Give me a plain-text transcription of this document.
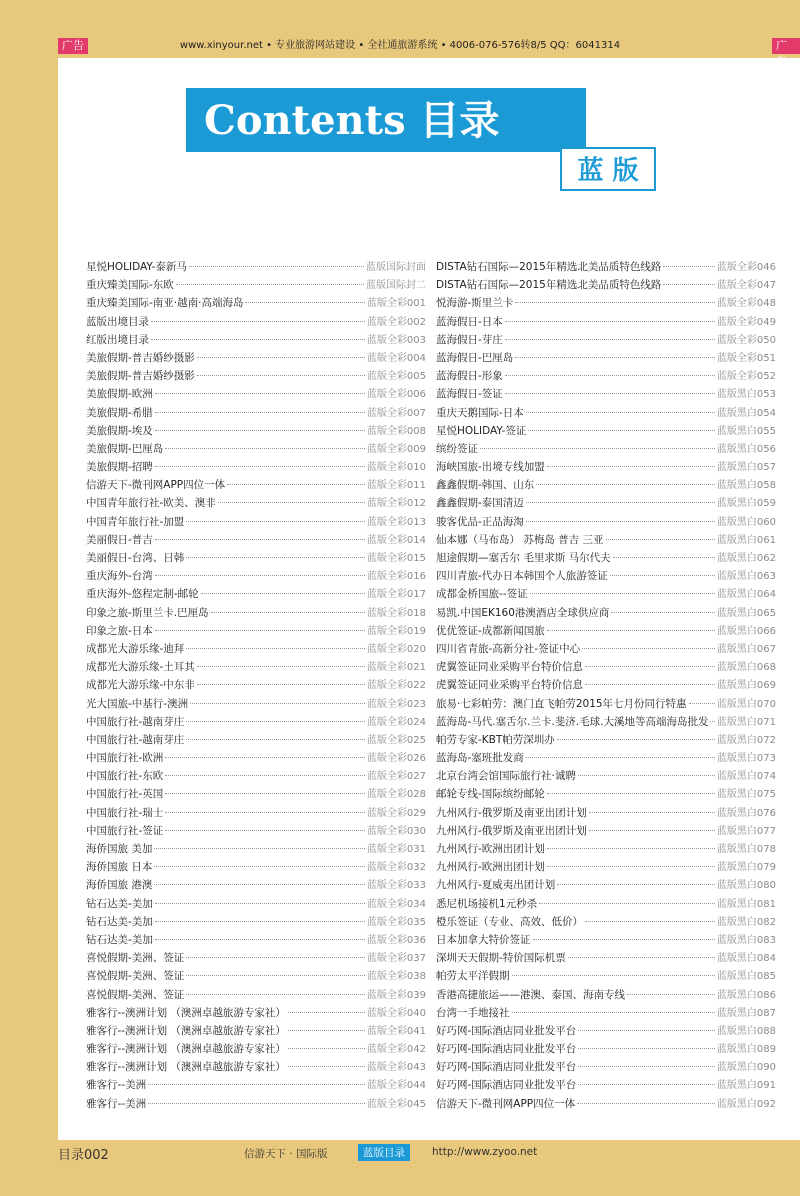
广告	www.xinyour.net • 专业旅游网站建设 • 全社通旅游系统 • 4006-076-576转8/5 QQ：6041314	广
Contents 目录
蓝 版
星悦HOLIDAY-泰新马	蓝版国际封面
重庆臻美国际-东欧	蓝版国际封二
重庆臻美国际-南亚·越南·高端海岛	蓝版全彩001
蓝版出境目录	蓝版全彩002
红版出境目录	蓝版全彩003
美旅假期-普吉婚纱摄影	蓝版全彩004
美旅假期-普吉婚纱摄影	蓝版全彩005
美旅假期-欧洲	蓝版全彩006
美旅假期-希腊	蓝版全彩007
美旅假期-埃及	蓝版全彩008
美旅假期-巴厘岛	蓝版全彩009
美旅假期-招聘	蓝版全彩010
信游天下-微刊网APP四位一体	蓝版全彩011
中国青年旅行社-欧美、澳非	蓝版全彩012
中国青年旅行社-加盟	蓝版全彩013
美丽假日-普吉	蓝版全彩014
美丽假日-台湾、日韩	蓝版全彩015
重庆海外-台湾	蓝版全彩016
重庆海外-悠程定制-邮轮	蓝版全彩017
印象之旅-斯里兰卡.巴厘岛	蓝版全彩018
印象之旅-日本	蓝版全彩019
成都光大游乐缘-迪拜	蓝版全彩020
成都光大游乐缘-土耳其	蓝版全彩021
成都光大游乐缘-中东非	蓝版全彩022
光大国旅-中基行-澳洲	蓝版全彩023
中国旅行社-越南芽庄	蓝版全彩024
中国旅行社-越南芽庄	蓝版全彩025
中国旅行社-欧洲	蓝版全彩026
中国旅行社-东欧	蓝版全彩027
中国旅行社-英国	蓝版全彩028
中国旅行社-瑞士	蓝版全彩029
中国旅行社-签证	蓝版全彩030
海侨国旅 美加	蓝版全彩031
海侨国旅 日本	蓝版全彩032
海侨国旅 港澳	蓝版全彩033
钻石达美-美加	蓝版全彩034
钻石达美-美加	蓝版全彩035
钻石达美-美加	蓝版全彩036
喜悦假期-美洲、签证	蓝版全彩037
喜悦假期-美洲、签证	蓝版全彩038
喜悦假期-美洲、签证	蓝版全彩039
雅客行--澳洲计划 （澳洲卓越旅游专家社）	蓝版全彩040
雅客行--澳洲计划 （澳洲卓越旅游专家社）	蓝版全彩041
雅客行--澳洲计划 （澳洲卓越旅游专家社）	蓝版全彩042
雅客行--澳洲计划 （澳洲卓越旅游专家社）	蓝版全彩043
雅客行--美洲	蓝版全彩044
雅客行--美洲	蓝版全彩045
DISTA钻石国际—2015年精选北美品质特色线路	蓝版全彩046
DISTA钻石国际—2015年精选北美品质特色线路	蓝版全彩047
悦海游-斯里兰卡	蓝版全彩048
蓝海假日-日本	蓝版全彩049
蓝海假日-芽庄	蓝版全彩050
蓝海假日-巴厘岛	蓝版全彩051
蓝海假日-形象	蓝版全彩052
蓝海假日-签证	蓝版黑白053
重庆天鹅国际-日本	蓝版黑白054
星悦HOLIDAY-签证	蓝版黑白055
缤纷签证	蓝版黑白056
海峡国旅-出境专线加盟	蓝版黑白057
鑫鑫假期-韩国、山东	蓝版黑白058
鑫鑫假期-泰国清迈	蓝版黑白059
骏客优品-正品海淘	蓝版黑白060
仙本娜（马布岛） 苏梅岛 普吉 三亚	蓝版黑白061
旭途假期—塞舌尔 毛里求斯 马尔代夫	蓝版黑白062
四川青旅-代办日本韩国个人旅游签证	蓝版黑白063
成都金桥国旅--签证	蓝版黑白064
易凯.中国EK160港澳酒店全球供应商	蓝版黑白065
优优签证-成都新闻国旅	蓝版黑白066
四川省青旅-高新分社-签证中心	蓝版黑白067
虎翼签证同业采购平台特价信息	蓝版黑白068
虎翼签证同业采购平台特价信息	蓝版黑白069
旅易·七彩帕劳：澳门直飞帕劳2015年七月份同行特惠	蓝版黑白070
蓝海岛-马代.塞舌尔.兰卡.斐济.毛球.大溪地等高端海岛批发 蓝版黑白071
帕劳专家-KBT帕劳深圳办	蓝版黑白072
蓝海岛-塞班批发商	蓝版黑白073
北京台湾会馆国际旅行社·诚聘	蓝版黑白074
邮轮专线-国际缤纷邮轮	蓝版黑白075
九州风行-俄罗斯及南亚出团计划	蓝版黑白076
九州风行-俄罗斯及南亚出团计划	蓝版黑白077
九州风行-欧洲出团计划	蓝版黑白078
九州风行-欧洲出团计划	蓝版黑白079
九州风行-夏威夷出团计划	蓝版黑白080
悉尼机场接机1元秒杀	蓝版黑白081
橙乐签证（专业、高效、低价）	蓝版黑白082
日本加拿大特价签证	蓝版黑白083
深圳天天假期-特价国际机票	蓝版黑白084
帕劳太平洋假期	蓝版黑白085
香港高捷旅运——港澳、泰国、海南专线	蓝版黑白086
台湾一手地接社	蓝版黑白087
好巧网-国际酒店同业批发平台	蓝版黑白088
好巧网-国际酒店同业批发平台	蓝版黑白089
好巧网-国际酒店同业批发平台	蓝版黑白090
好巧网-国际酒店同业批发平台	蓝版黑白091
信游天下-微刊网APP四位一体	蓝版黑白092
目录002	信游天下 · 国际版	蓝版目录	http://www.zyoo.net
